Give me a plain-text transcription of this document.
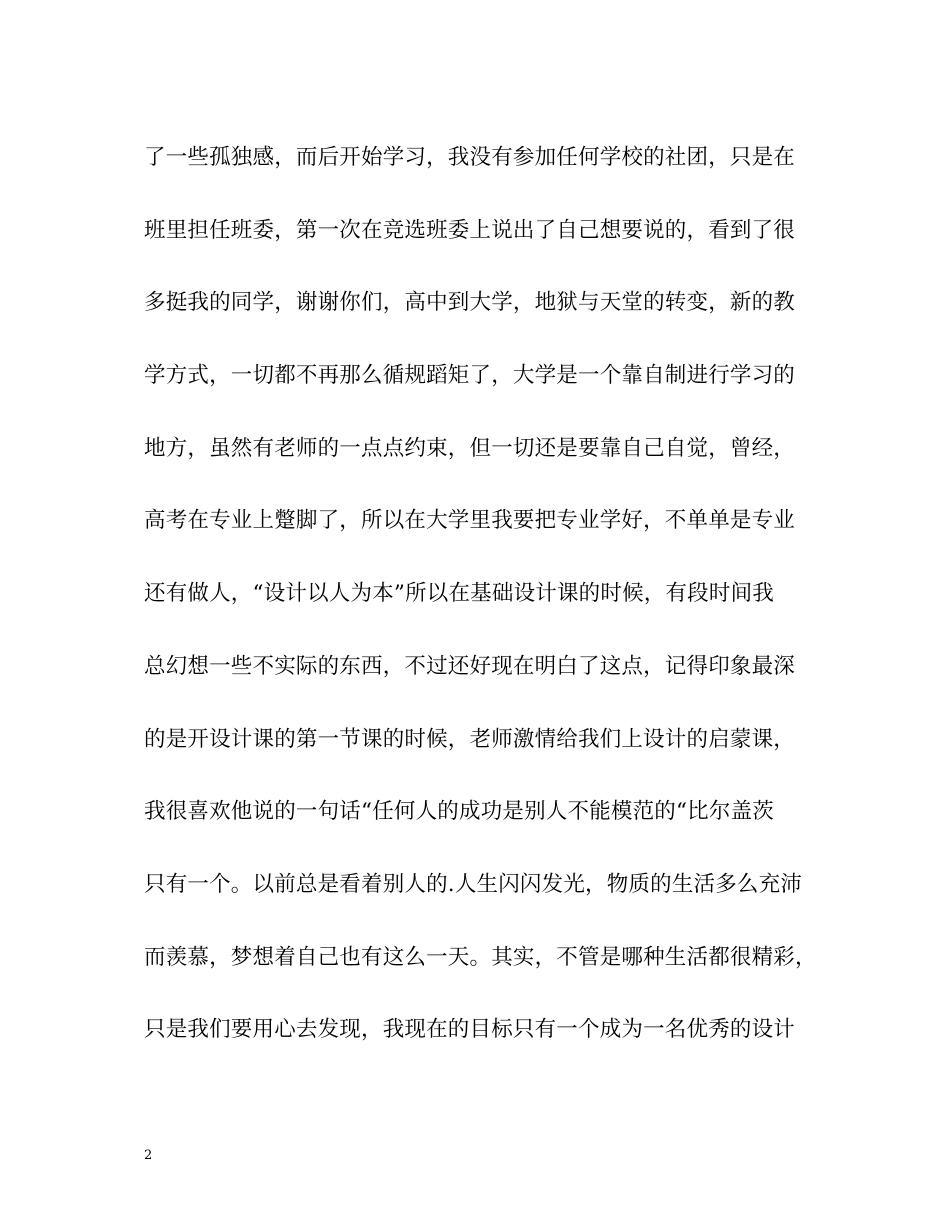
了一些孤独感，而后开始学习，我没有参加任何学校的社团，只是在
班里担任班委，第一次在竞选班委上说出了自己想要说的，看到了很
多挺我的同学，谢谢你们，高中到大学，地狱与天堂的转变，新的教
学方式，一切都不再那么循规蹈矩了，大学是一个靠自制进行学习的
地方，虽然有老师的一点点约束，但一切还是要靠自己自觉，曾经，
高考在专业上蹩脚了，所以在大学里我要把专业学好，不单单是专业
还有做人，“设计以人为本”所以在基础设计课的时候，有段时间我
总幻想一些不实际的东西，不过还好现在明白了这点，记得印象最深
的是开设计课的第一节课的时候，老师激情给我们上设计的启蒙课，
我很喜欢他说的一句话“任何人的成功是别人不能模范的“比尔盖茨
只有一个。以前总是看着别人的.人生闪闪发光，物质的生活多么充沛
而羡慕，梦想着自己也有这么一天。其实，不管是哪种生活都很精彩，
只是我们要用心去发现，我现在的目标只有一个成为一名优秀的设计
2
